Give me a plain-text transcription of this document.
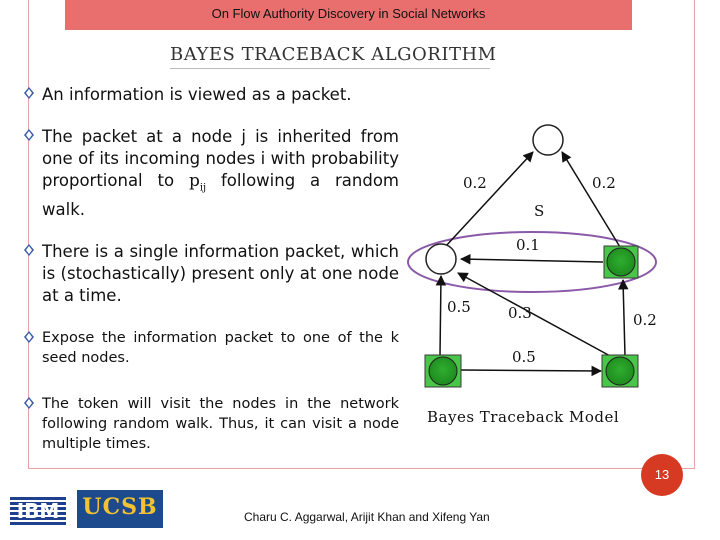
On Flow Authority Discovery in Social Networks
BAYES TRACEBACK ALGORITHM
An information is viewed as a packet.
The packet at a node j is inherited from one of its incoming nodes i with probability proportional to $p_{ij}$ following a random walk.
There is a single information packet, which is (stochastically) present only at one node at a time.
Expose the information packet to one of the k seed nodes.
The token will visit the nodes in the network following random walk. Thus, it can visit a node multiple times.
0.2	0.2
S
0.1
0.5 0.3	0.2
0.5
Bayes Traceback Model
13
IBM UCSB	Charu C. Aggarwal, Arijit Khan and Xifeng Yan
